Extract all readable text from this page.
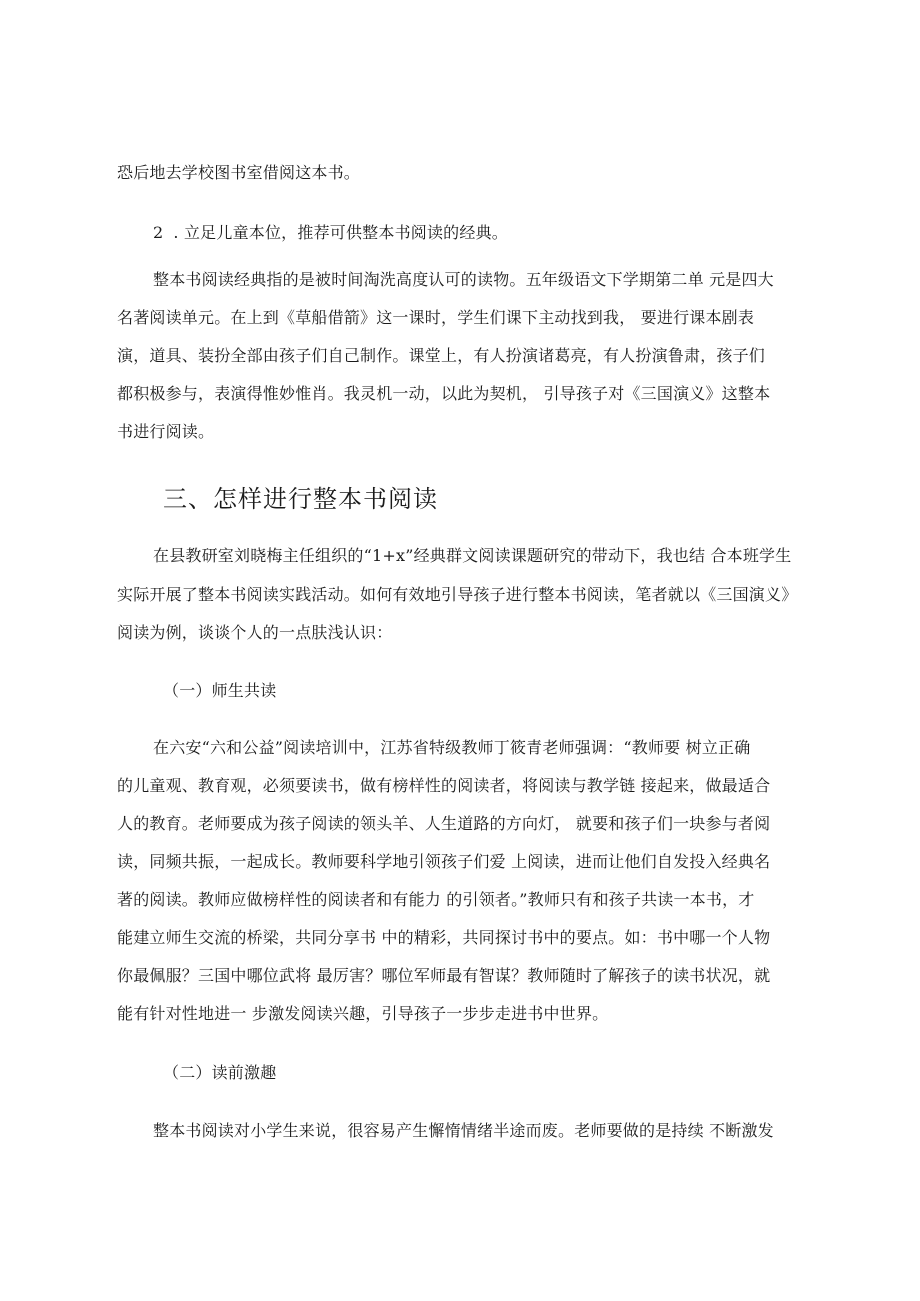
恐后地去学校图书室借阅这本书。
2 . 立足儿童本位，推荐可供整本书阅读的经典。
整本书阅读经典指的是被时间淘洗高度认可的读物。五年级语文下学期第二单 元是四大
名著阅读单元。在上到《草船借箭》这一课时，学生们课下主动找到我， 要进行课本剧表
演，道具、装扮全部由孩子们自己制作。课堂上，有人扮演诸葛亮，有人扮演鲁肃，孩子们
都积极参与，表演得惟妙惟肖。我灵机一动，以此为契机， 引导孩子对《三国演义》这整本
书进行阅读。
三、怎样进行整本书阅读
在县教研室刘晓梅主任组织的“1+x”经典群文阅读课题研究的带动下，我也结 合本班学生
实际开展了整本书阅读实践活动。如何有效地引导孩子进行整本书阅读，笔者就以《三国演义》
阅读为例，谈谈个人的一点肤浅认识：
（一）师生共读
在六安“六和公益”阅读培训中，江苏省特级教师丁筱青老师强调：“教师要 树立正确
的儿童观、教育观，必须要读书，做有榜样性的阅读者，将阅读与教学链 接起来，做最适合
人的教育。老师要成为孩子阅读的领头羊、人生道路的方向灯， 就要和孩子们一块参与者阅
读，同频共振，一起成长。教师要科学地引领孩子们爱 上阅读，进而让他们自发投入经典名
著的阅读。教师应做榜样性的阅读者和有能力 的引领者。”教师只有和孩子共读一本书，才
能建立师生交流的桥梁，共同分享书 中的精彩，共同探讨书中的要点。如：书中哪一个人物
你最佩服？三国中哪位武将 最厉害？哪位军师最有智谋？教师随时了解孩子的读书状况，就
能有针对性地进一 步激发阅读兴趣，引导孩子一步步走进书中世界。
（二）读前激趣
整本书阅读对小学生来说，很容易产生懈惰情绪半途而废。老师要做的是持续 不断激发
